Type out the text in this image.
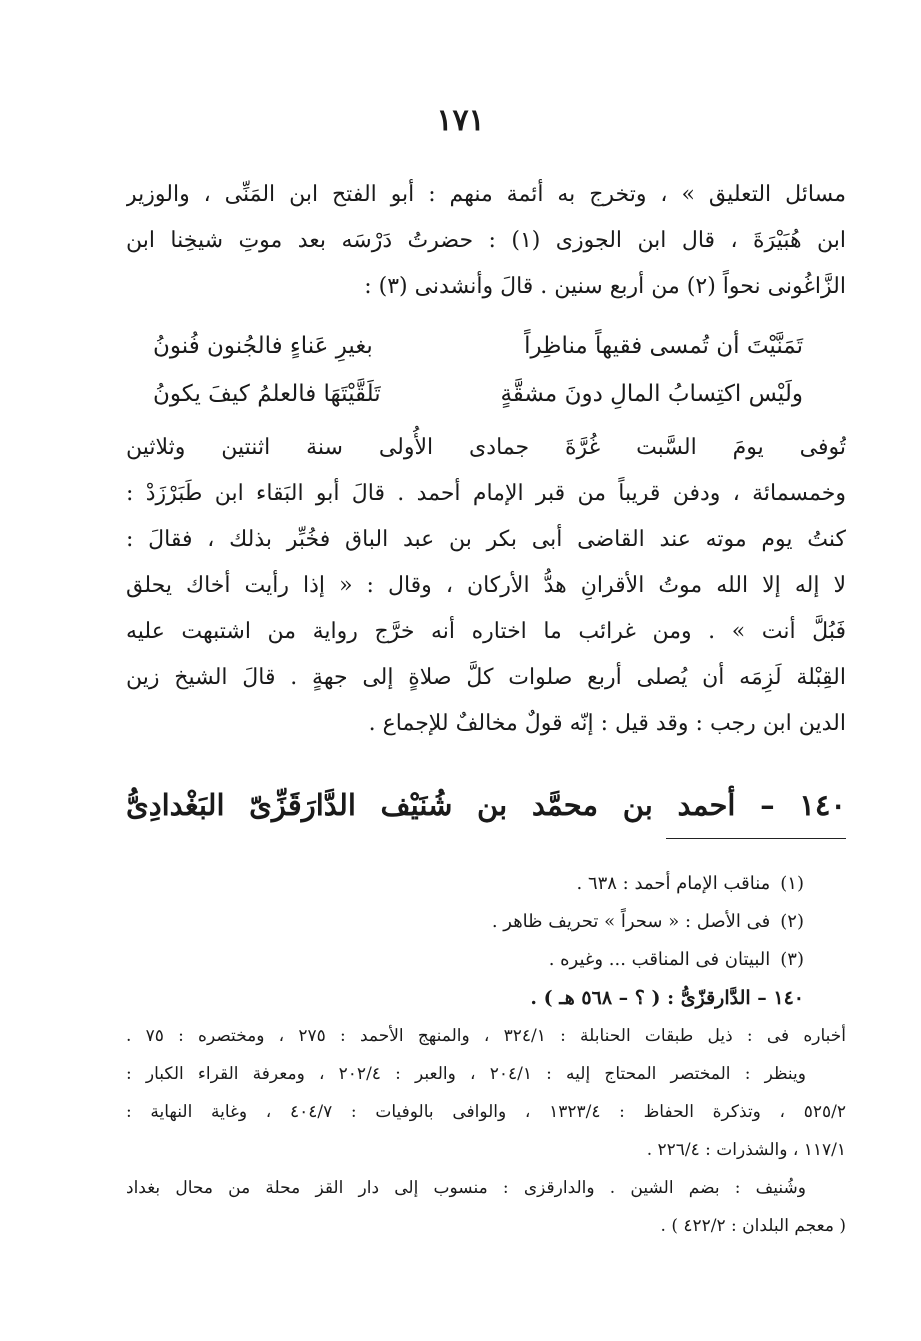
١٧١
مسائل التعليق » ، وتخرج به أئمة منهم : أبو الفتح ابن المَنِّى ، والوزير
ابن هُبَيْرَةَ ، قال ابن الجوزى (١) : حضرتُ دَرْسَه بعد موتِ شيخِنا ابن
الزَّاغُونى نحواً (٢) من أربع سنين . قالَ وأنشدنى (٣) :
تَمَنَّيْتَ أن تُمسى فقيهاً مناظِراً
بغيرِ عَناءٍ فالجُنون فُنونُ
ولَيْس اكتِسابُ المالِ دونَ مشقَّةٍ
تَلَقَّيْتَهَا فالعلمُ كيفَ يكونُ
تُوفى يومَ السَّبت غُرَّةَ جمادى الأُولى سنة اثنتين وثلاثين
وخمسمائة ، ودفن قريباً من قبر الإمام أحمد . قالَ أبو البَقاء ابن طَبَرْزَدْ :
كنتُ يوم موته عند القاضى أبى بكر بن عبد الباق فخُبِّر بذلك ، فقالَ :
لا إله إلا الله موتُ الأقرانِ هدُّ الأركان ، وقال : « إذا رأيت أخاك يحلق
فَبُلَّ أنت » . ومن غرائب ما اختاره أنه خرَّج رواية من اشتبهت عليه
القِبْلة لَزِمَه أن يُصلى أربع صلوات كلَّ صلاةٍ إلى جهةٍ . قالَ الشيخ زين
الدين ابن رجب : وقد قيل : إنّه قولٌ مخالفٌ للإجماع .
١٤٠ – أحمد بن محمَّد بن شُنَيْف الدَّارَقَزِّىّ البَغْدادِىُّ
(١)مناقب الإمام أحمد : ٦٣٨ .
(٢)فى الأصل : « سحراً » تحريف ظاهر .
(٣)البيتان فى المناقب ... وغيره .
١٤٠ – الدَّارقزّىُّ : ( ؟ – ٥٦٨ هـ ) .
أخباره فى : ذيل طبقات الحنابلة : ٣٢٤/١ ، والمنهج الأحمد : ٢٧٥ ، ومختصره : ٧٥ .
وينظر : المختصر المحتاج إليه : ٢٠٤/١ ، والعبر : ٢٠٢/٤ ، ومعرفة القراء الكبار :
٥٢٥/٢ ، وتذكرة الحفاظ : ١٣٢٣/٤ ، والوافى بالوفيات : ٤٠٤/٧ ، وغاية النهاية :
١١٧/١ ، والشذرات : ٢٢٦/٤ .
وشُنيف : بضم الشين . والدارقزى : منسوب إلى دار القز محلة من محال بغداد
( معجم البلدان : ٤٢٢/٢ ) .
